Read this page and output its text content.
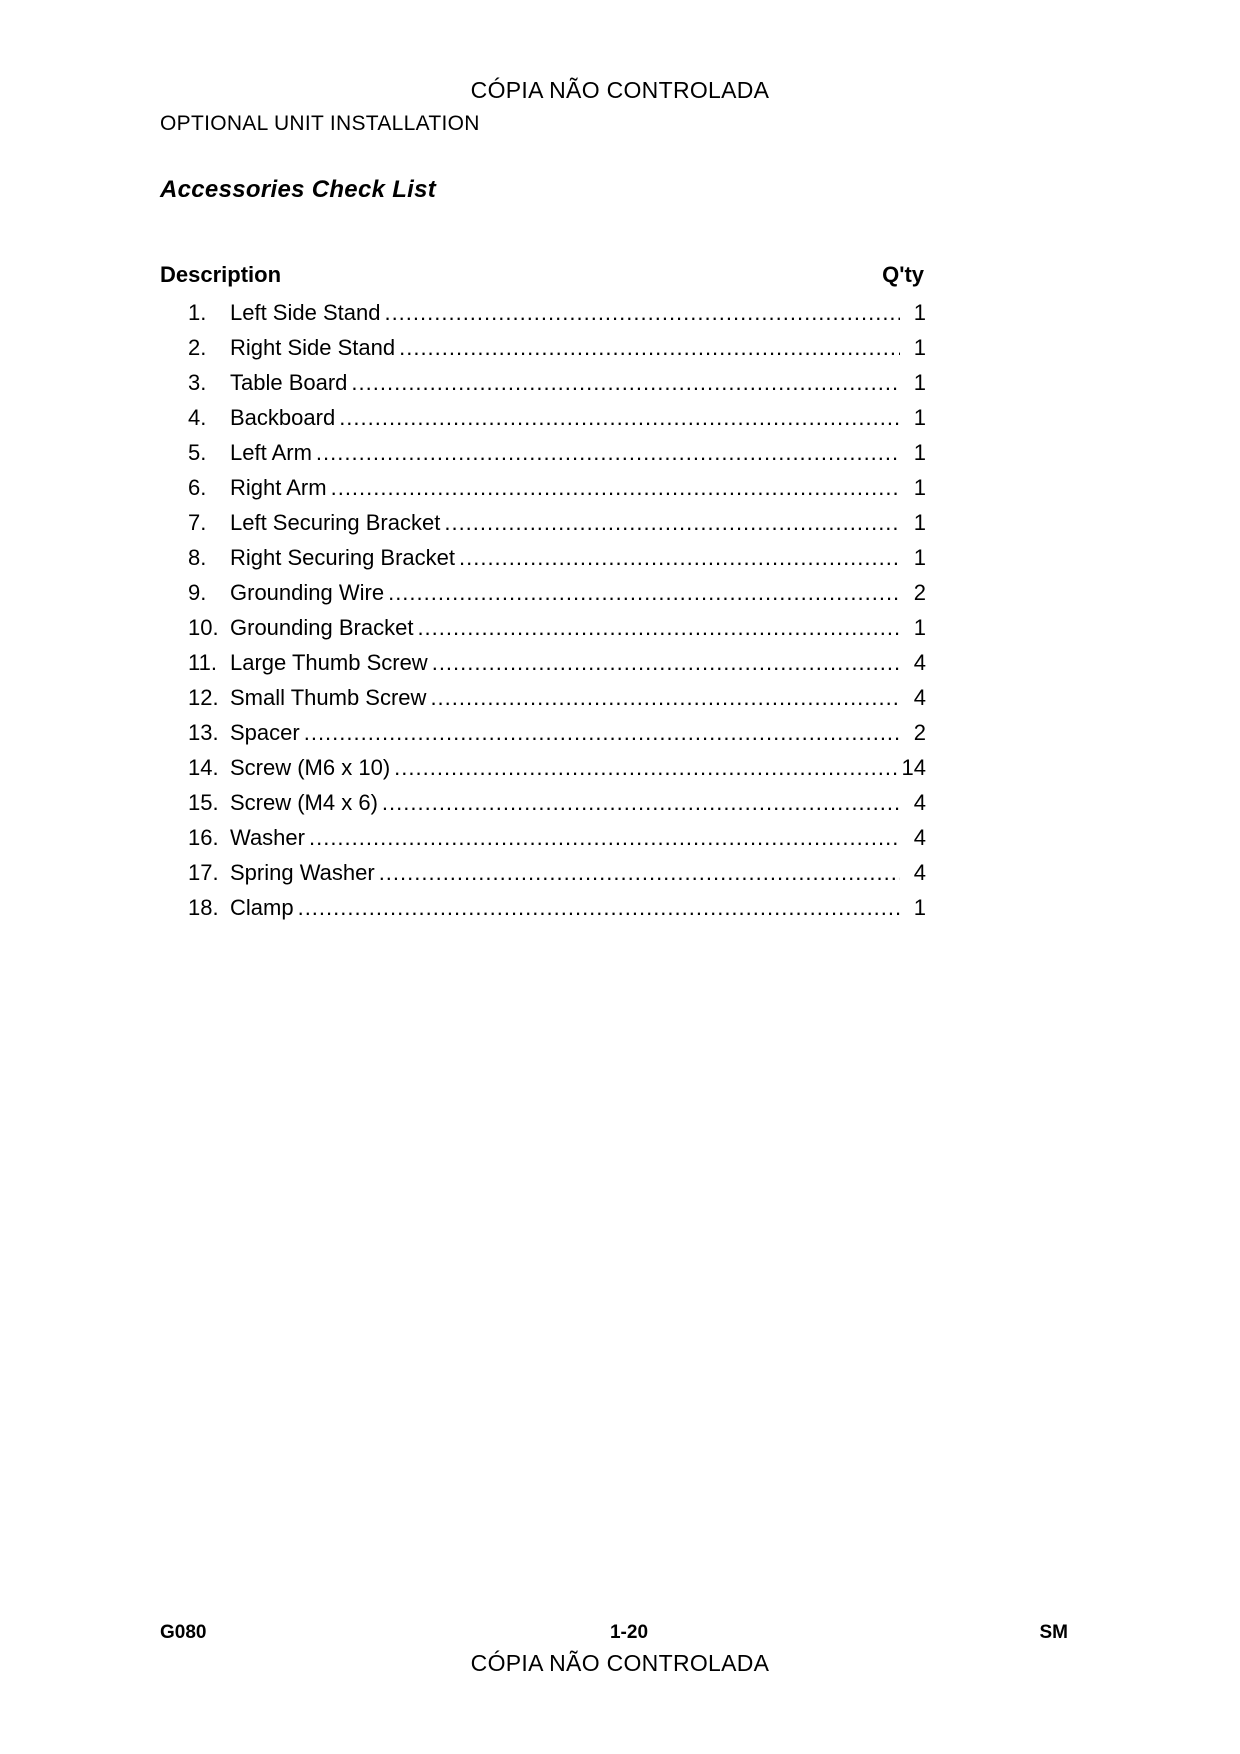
CÓPIA NÃO CONTROLADA
OPTIONAL UNIT INSTALLATION
Accessories Check List
Description	Q'ty
1.	Left Side Stand .....	1
2.	Right Side Stand .....	1
3.	Table Board .....	1
4.	Backboard .....	1
5.	Left Arm .....	1
6.	Right Arm .....	1
7.	Left Securing Bracket .....	1
8.	Right Securing Bracket .....	1
9.	Grounding Wire .....	2
10. Grounding Bracket .....	1
11. Large Thumb Screw .....	4
12. Small Thumb Screw .....	4
13. Spacer .....	2
14. Screw (M6 x 10) .....	14
15. Screw (M4 x 6) .....	4
16. Washer .....	4
17. Spring Washer .....	4
18. Clamp .....	1
G080	1-20	SM
CÓPIA NÃO CONTROLADA
